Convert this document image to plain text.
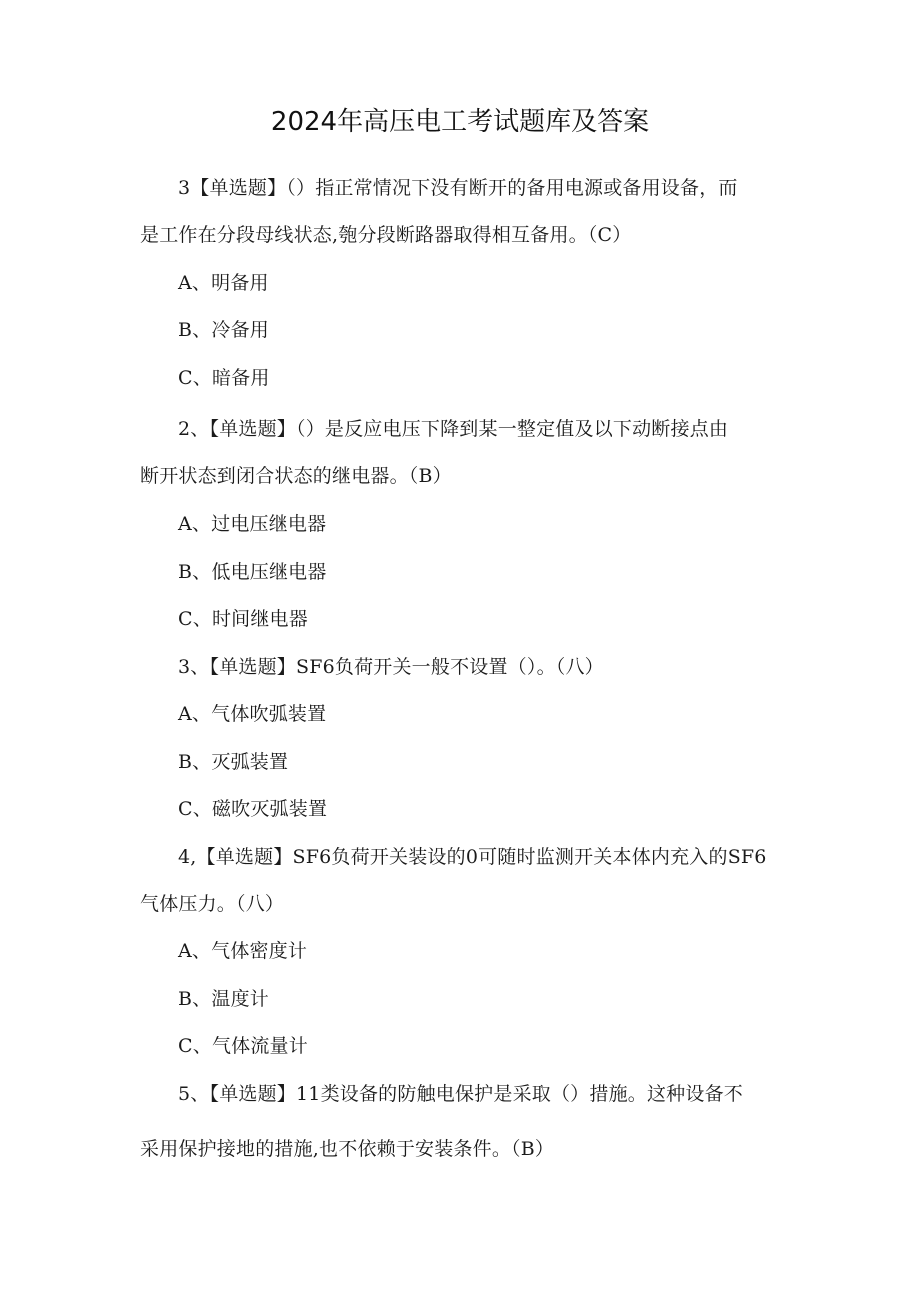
2024年高压电工考试题库及答案
3【单选题】（）指正常情况下没有断开的备用电源或备用设备，而
是工作在分段母线状态,匏分段断路器取得相互备用。（C）
A、明备用
B、冷备用
C、暗备用
2、【单选题】（）是反应电压下降到某一整定值及以下动断接点由
断开状态到闭合状态的继电器。（B）
A、过电压继电器
B、低电压继电器
C、时间继电器
3、【单选题】SF6负荷开关一般不设置（）。（八）
A、气体吹弧装置
B、灭弧装置
C、磁吹灭弧装置
4,【单选题】SF6负荷开关装设的0可随时监测开关本体内充入的SF6
气体压力。（八）
A、气体密度计
B、温度计
C、气体流量计
5、【单选题】11类设备的防触电保护是采取（）措施。这种设备不
采用保护接地的措施,也不依赖于安装条件。（B）
